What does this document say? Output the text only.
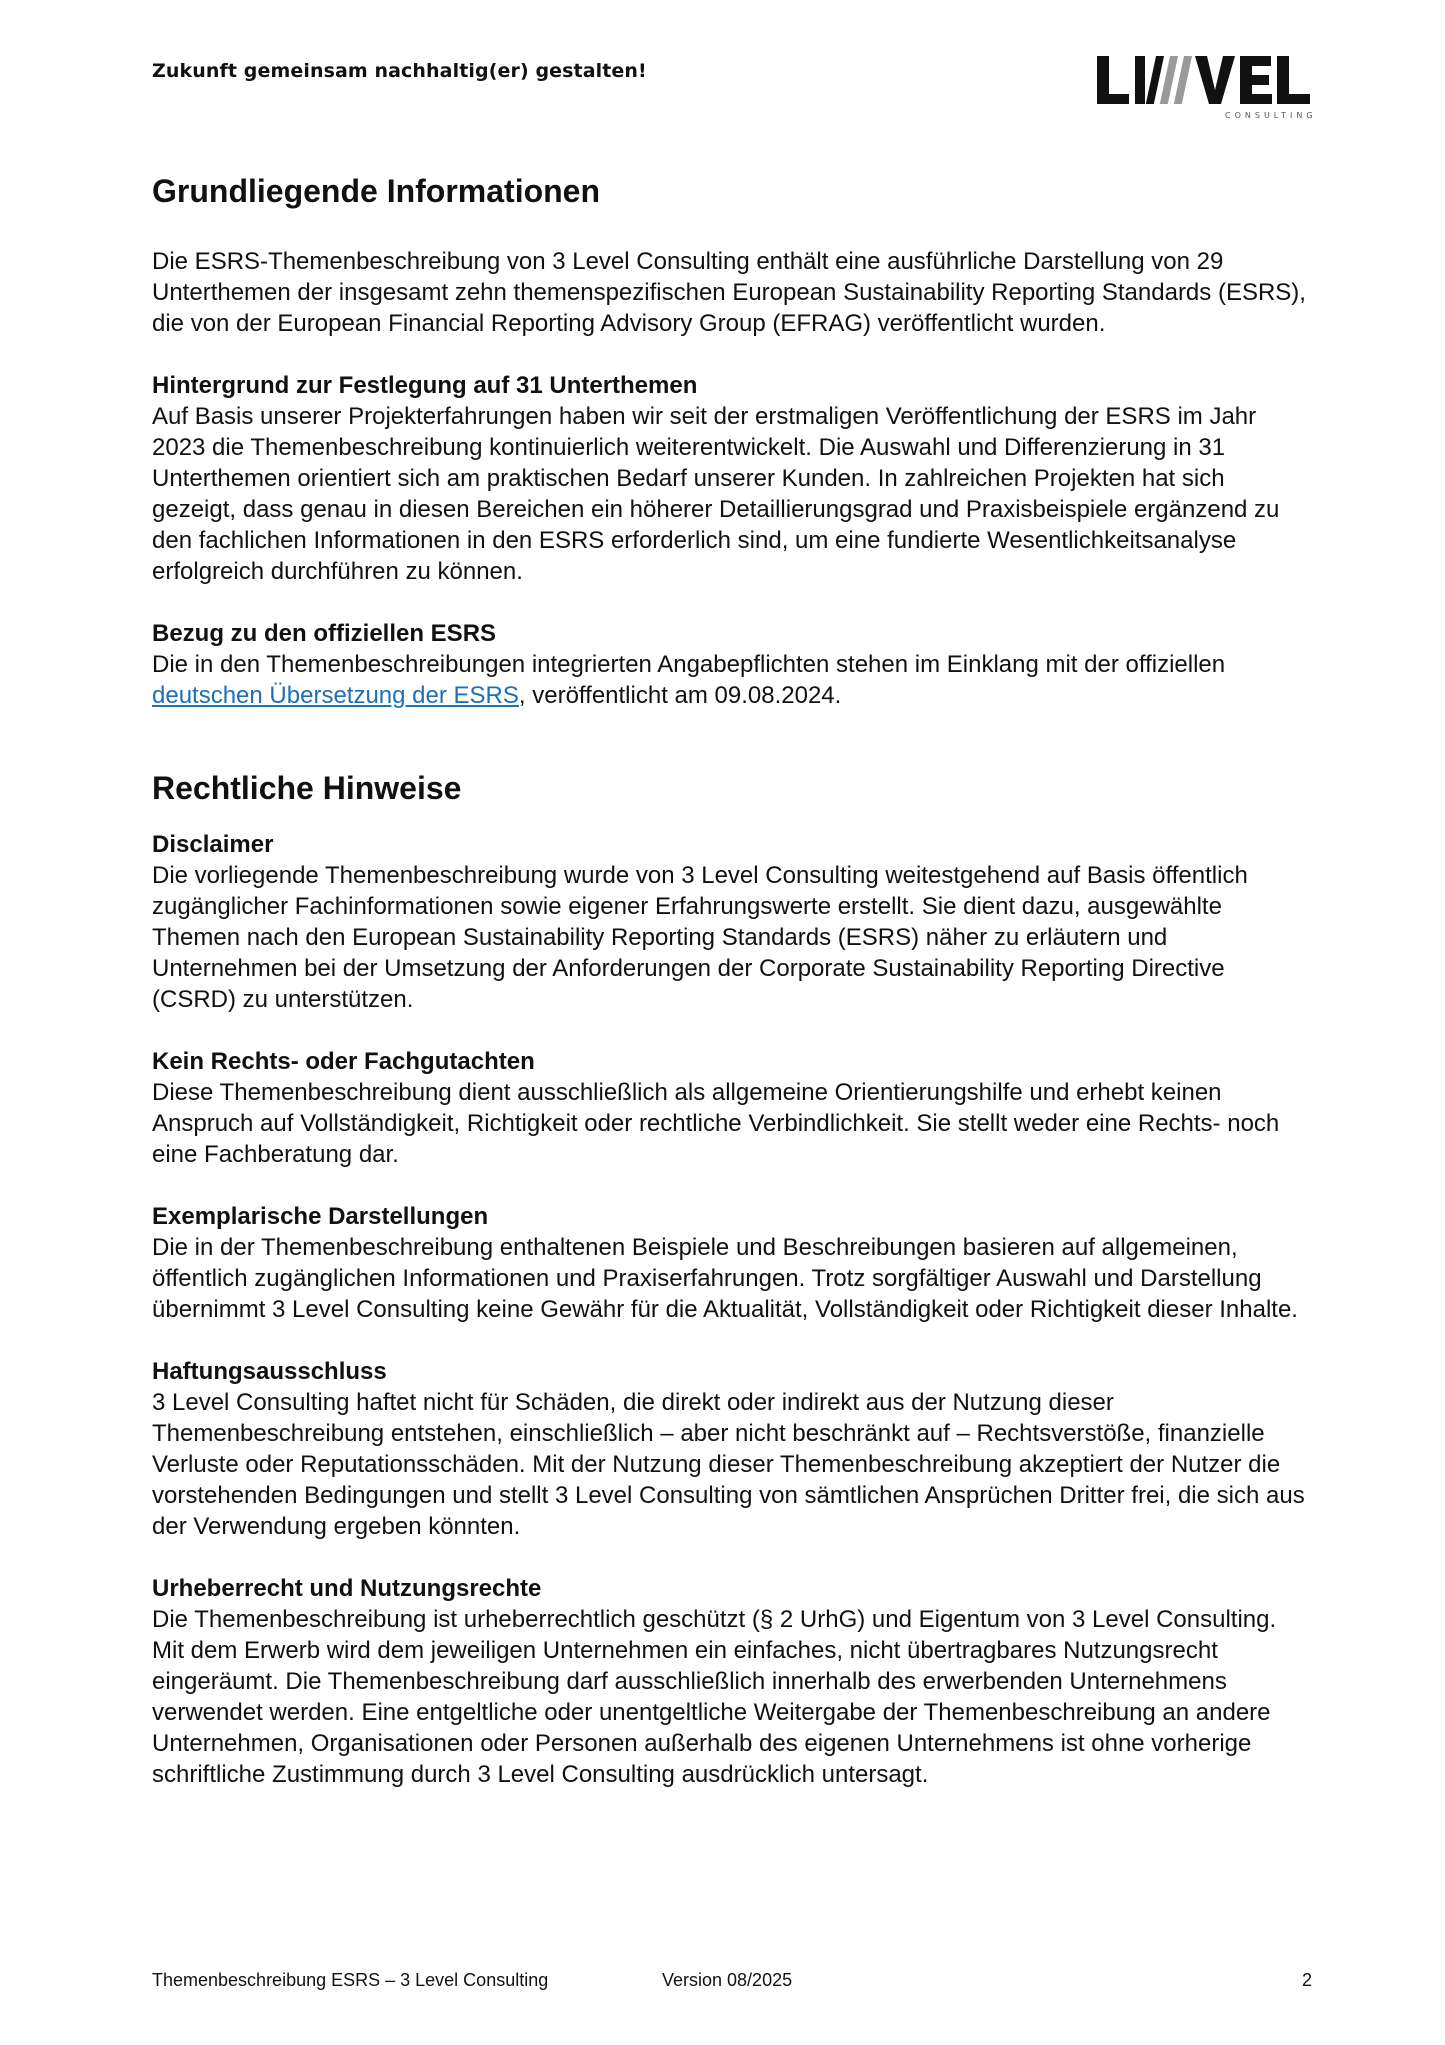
Zukunft gemeinsam nachhaltig(er) gestalten!
CONSULTING
Grundliegende Informationen

Die ESRS-Themenbeschreibung von 3 Level Consulting enthält eine ausführliche Darstellung von 29 Unterthemen der insgesamt zehn themenspezifischen European Sustainability Reporting Standards (ESRS), die von der European Financial Reporting Advisory Group (EFRAG) veröffentlicht wurden.

Hintergrund zur Festlegung auf 31 Unterthemen

Auf Basis unserer Projekterfahrungen haben wir seit der erstmaligen Veröffentlichung der ESRS im Jahr 2023 die Themenbeschreibung kontinuierlich weiterentwickelt. Die Auswahl und Differenzierung in 31 Unterthemen orientiert sich am praktischen Bedarf unserer Kunden. In zahlreichen Projekten hat sich gezeigt, dass genau in diesen Bereichen ein höherer Detaillierungsgrad und Praxisbeispiele ergänzend zu den fachlichen Informationen in den ESRS erforderlich sind, um eine fundierte Wesentlichkeitsanalyse erfolgreich durchführen zu können.

Bezug zu den offiziellen ESRS

Die in den Themenbeschreibungen integrierten Angabepflichten stehen im Einklang mit der offiziellen deutschen Übersetzung der ESRS, veröffentlicht am 09.08.2024.

Rechtliche Hinweise
Disclaimer

Die vorliegende Themenbeschreibung wurde von 3 Level Consulting weitestgehend auf Basis öffentlich zugänglicher Fachinformationen sowie eigener Erfahrungswerte erstellt. Sie dient dazu, ausgewählte Themen nach den European Sustainability Reporting Standards (ESRS) näher zu erläutern und Unternehmen bei der Umsetzung der Anforderungen der Corporate Sustainability Reporting Directive (CSRD) zu unterstützen.

Kein Rechts- oder Fachgutachten

Diese Themenbeschreibung dient ausschließlich als allgemeine Orientierungshilfe und erhebt keinen Anspruch auf Vollständigkeit, Richtigkeit oder rechtliche Verbindlichkeit. Sie stellt weder eine Rechts- noch eine Fachberatung dar.

Exemplarische Darstellungen

Die in der Themenbeschreibung enthaltenen Beispiele und Beschreibungen basieren auf allgemeinen, öffentlich zugänglichen Informationen und Praxiserfahrungen. Trotz sorgfältiger Auswahl und Darstellung übernimmt 3 Level Consulting keine Gewähr für die Aktualität, Vollständigkeit oder Richtigkeit dieser Inhalte.

Haftungsausschluss

3 Level Consulting haftet nicht für Schäden, die direkt oder indirekt aus der Nutzung dieser Themenbeschreibung entstehen, einschließlich – aber nicht beschränkt auf – Rechtsverstöße, finanzielle Verluste oder Reputationsschäden. Mit der Nutzung dieser Themenbeschreibung akzeptiert der Nutzer die vorstehenden Bedingungen und stellt 3 Level Consulting von sämtlichen Ansprüchen Dritter frei, die sich aus der Verwendung ergeben könnten.

Urheberrecht und Nutzungsrechte

Die Themenbeschreibung ist urheberrechtlich geschützt (§ 2 UrhG) und Eigentum von 3 Level Consulting. Mit dem Erwerb wird dem jeweiligen Unternehmen ein einfaches, nicht übertragbares Nutzungsrecht eingeräumt. Die Themenbeschreibung darf ausschließlich innerhalb des erwerbenden Unternehmens verwendet werden. Eine entgeltliche oder unentgeltliche Weitergabe der Themenbeschreibung an andere Unternehmen, Organisationen oder Personen außerhalb des eigenen Unternehmens ist ohne vorherige schriftliche Zustimmung durch 3 Level Consulting ausdrücklich untersagt.

Themenbeschreibung ESRS – 3 Level Consulting	Version 08/2025	2
